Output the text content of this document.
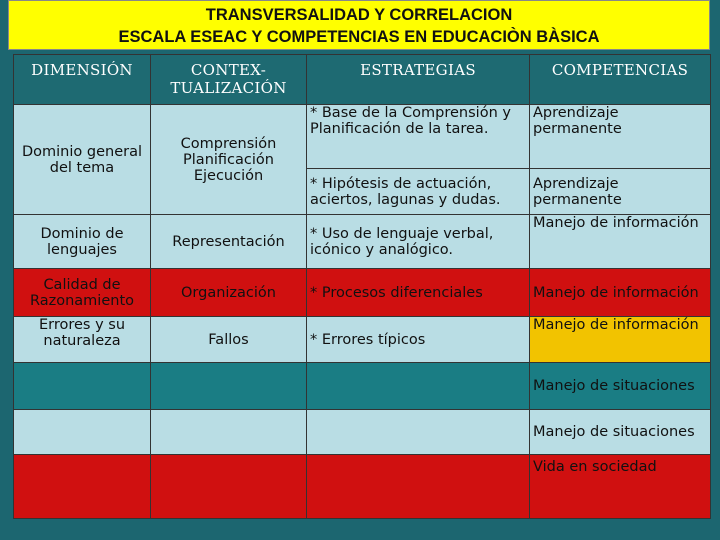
TRANSVERSALIDAD Y CORRELACION
ESCALA ESEAC Y COMPETENCIAS EN EDUCACIÒN BÀSICA
DIMENSIÓN	CONTEX-TUALIZACIÓN	ESTRATEGIAS	COMPETENCIAS
Dominio general del tema	Comprensión Planificación Ejecución	* Base de la Comprensión y Planificación de la tarea.	Aprendizaje permanente
		* Hipótesis de actuación, aciertos, lagunas y dudas.	Aprendizaje permanente
Dominio de lenguajes	Representación	* Uso de lenguaje verbal, icónico y analógico.	Manejo de información
Calidad de Razonamiento	Organización	* Procesos diferenciales	Manejo de información
Errores y su naturaleza	Fallos	* Errores típicos	Manejo de información
			Manejo de situaciones
			Manejo de situaciones
			Vida en sociedad
